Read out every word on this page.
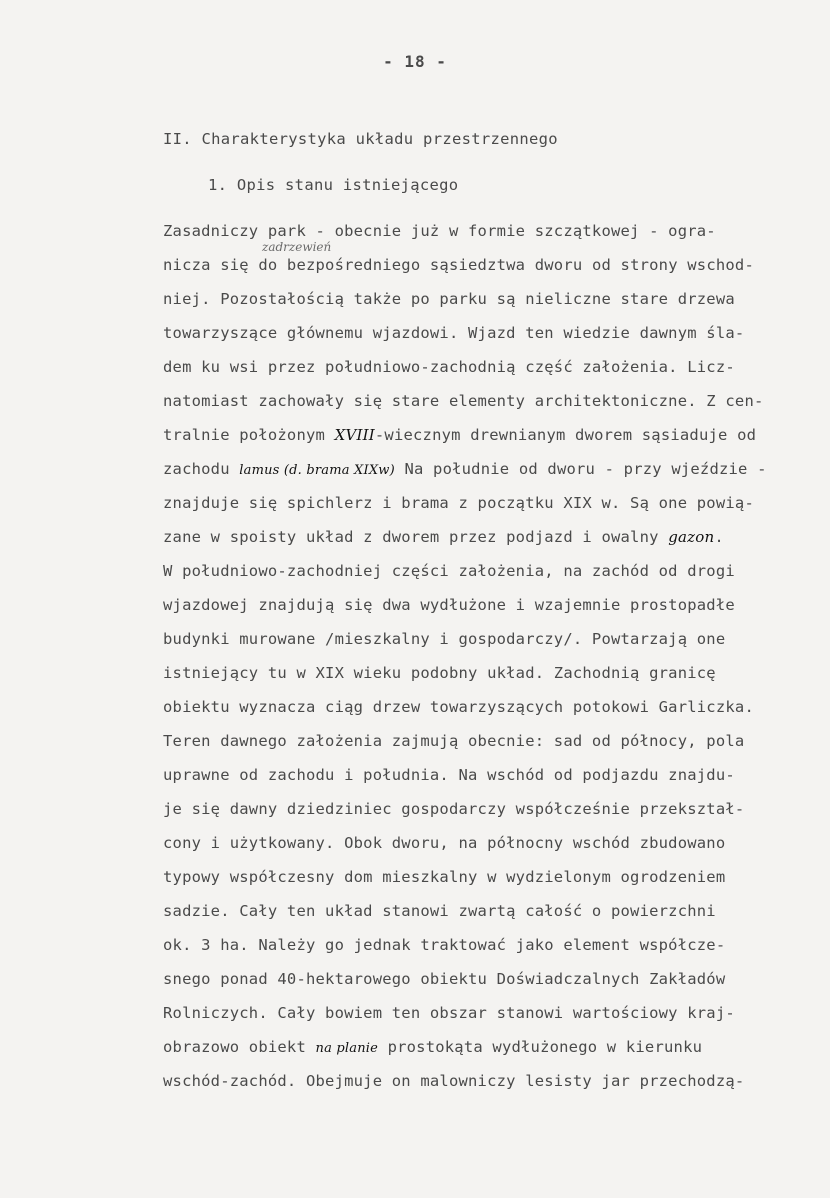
- 18 -
II. Charakterystyka układu przestrzennego
1. Opis stanu istniejącego
Zasadniczy park - obecnie już w formie szczątkowej - ogra-
zadrzewień
nicza się do bezpośredniego sąsiedztwa dworu od strony wschod-
niej. Pozostałością także po parku są nieliczne stare drzewa
towarzyszące głównemu wjazdowi. Wjazd ten wiedzie dawnym śla-
dem ku wsi przez południowo-zachodnią część założenia. Licz-
natomiast zachowały się stare elementy architektoniczne. Z cen-
tralnie położonym XVIII-wiecznym drewnianym dworem sąsiaduje od
zachodu lamus (d. brama XIXw) Na południe od dworu - przy wjeździe -
znajduje się spichlerz i brama z początku XIX w. Są one powią-
zane w spoisty układ z dworem przez podjazd i owalny gazon.
W południowo-zachodniej części założenia, na zachód od drogi
wjazdowej znajdują się dwa wydłużone i wzajemnie prostopadłe
budynki murowane /mieszkalny i gospodarczy/. Powtarzają one
istniejący tu w XIX wieku podobny układ. Zachodnią granicę
obiektu wyznacza ciąg drzew towarzyszących potokowi Garliczka.
Teren dawnego założenia zajmują obecnie: sad od północy, pola
uprawne od zachodu i południa. Na wschód od podjazdu znajdu-
je się dawny dziedziniec gospodarczy współcześnie przekształ-
cony i użytkowany. Obok dworu, na północny wschód zbudowano
typowy współczesny dom mieszkalny w wydzielonym ogrodzeniem
sadzie. Cały ten układ stanowi zwartą całość o powierzchni
ok. 3 ha. Należy go jednak traktować jako element współcze-
snego ponad 40-hektarowego obiektu Doświadczalnych Zakładów
Rolniczych. Cały bowiem ten obszar stanowi wartościowy kraj-
obrazowo obiekt na planie prostokąta wydłużonego w kierunku
wschód-zachód. Obejmuje on malowniczy lesisty jar przechodzą-
